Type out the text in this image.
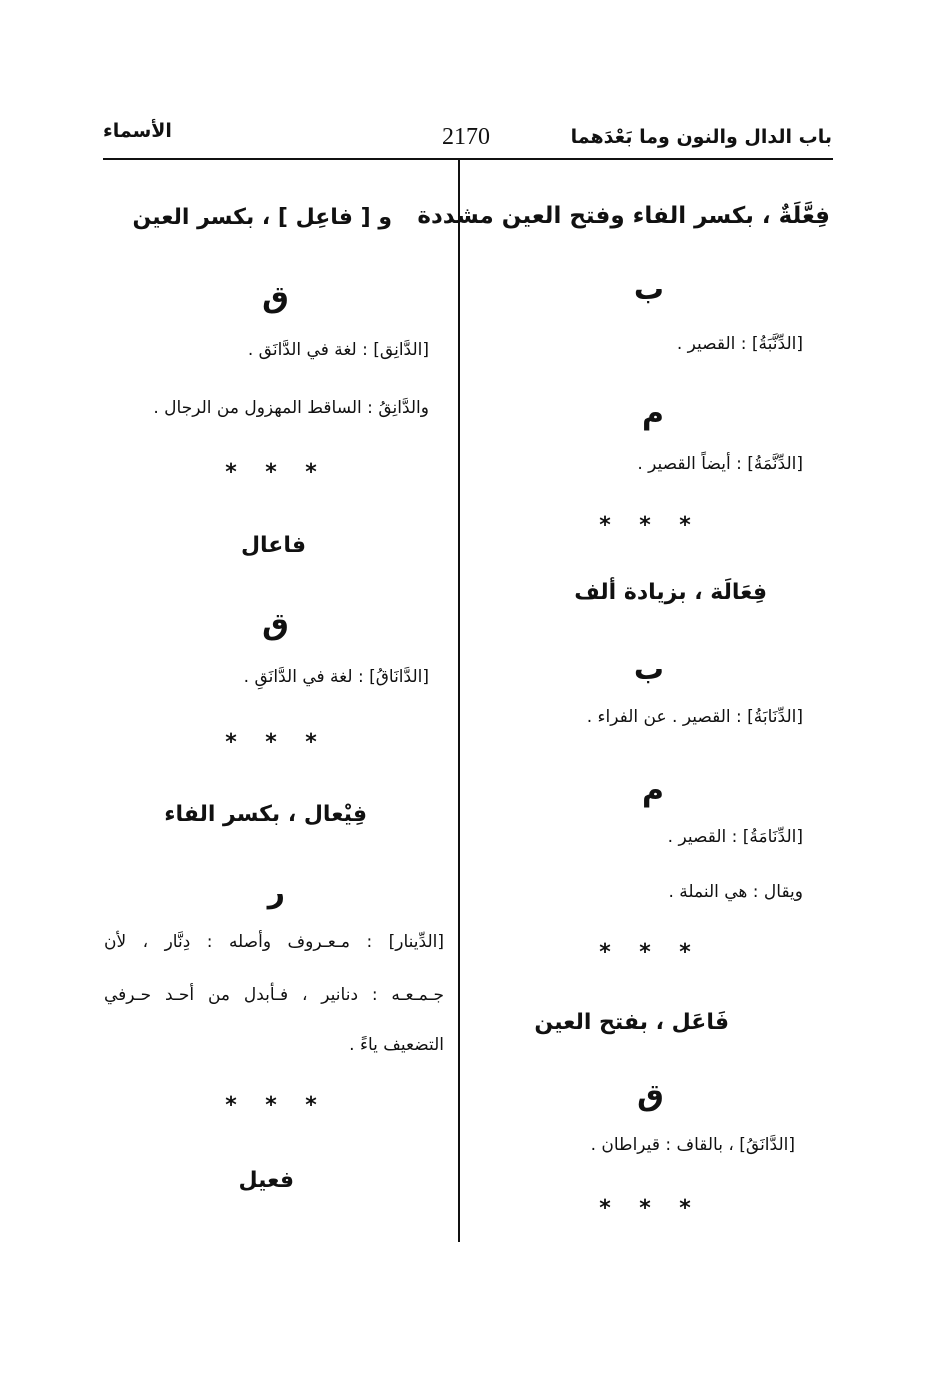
باب الدال والنون وما بَعْدَهما
2170
الأسماء
فِعَّلَةٌ ، بكسر الفاء وفتح العين مشددة
ب
[الدِّنَّبَةُ] : القصير .
م
[الدِّنَّمَةُ] : أيضاً القصير .
* * *
فِعَالَة ، بزيادة ألف
ب
[الدِّنَابَةُ] : القصير . عن الفراء .
م
[الدِّنَامَةُ] : القصير .
ويقال : هي النملة .
* * *
فَاعَل ، بفتح العين
ق
[الدَّانَقُ] ، بالقاف : قيراطان .
* * *
و [ فاعِل ] ، بكسر العين
ق
[الدَّانِق] : لغة في الدَّانَق .
والدَّانِقُ : الساقط المهزول من الرجال .
* * *
فاعال
ق
[الدَّانَاقُ] : لغة في الدَّانَقِ .
* * *
فِيْعال ، بكسر الفاء
ر
[الدِّينار] : مـعـروف وأصله : دِنَّار ، لأن
جـمـعـه : دنانير ، فـأبدل من أحـد حـرفي
التضعيف ياءً .
* * *
فعيل
